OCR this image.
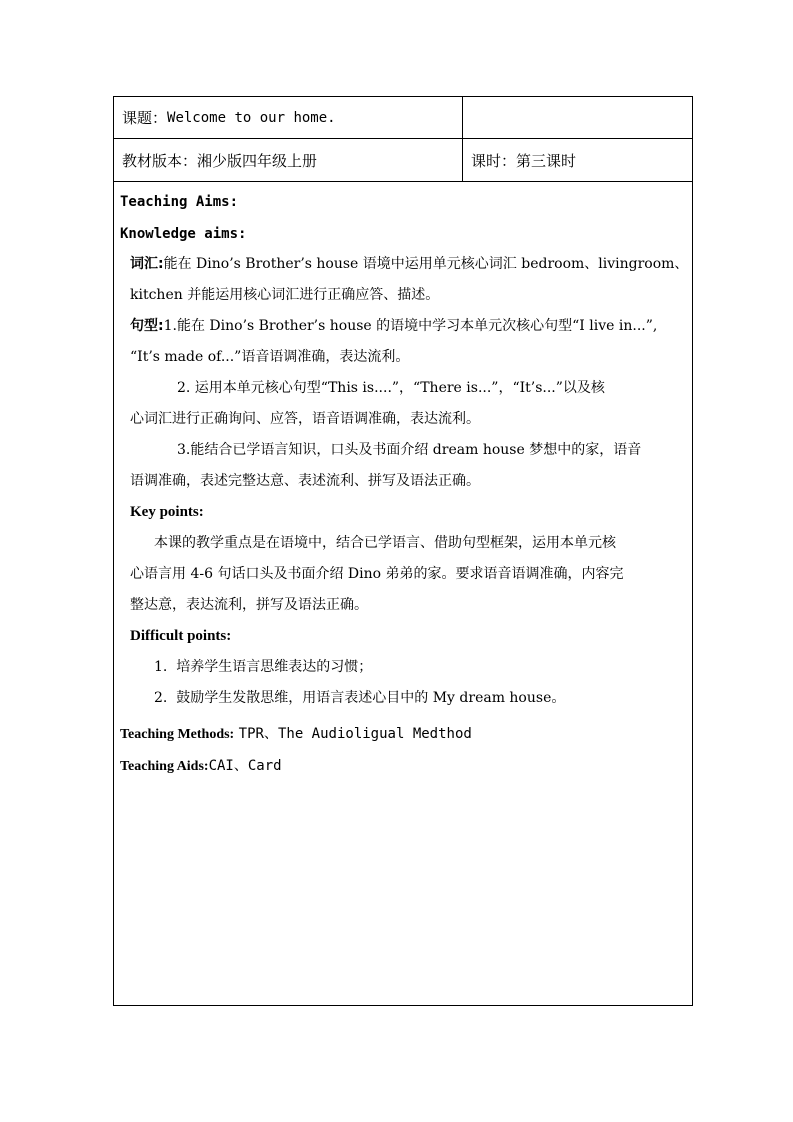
课题： Welcome to our home.
教材版本：湘少版四年级上册	课时：第三课时
Teaching Aims:
Knowledge aims:
词汇:能在 Dino’s Brother’s house 语境中运用单元核心词汇 bedroom、livingroom、
kitchen 并能运用核心词汇进行正确应答、描述。
句型:1.能在 Dino’s Brother’s house 的语境中学习本单元次核心句型“I live in...”,
“It’s made of...”语音语调准确，表达流利。
2. 运用本单元核心句型“This is....”，“There is...”，“It’s...”以及核
心词汇进行正确询问、应答，语音语调准确，表达流利。
3.能结合已学语言知识，口头及书面介绍 dream house 梦想中的家，语音
语调准确，表述完整达意、表述流利、拼写及语法正确。
Key points:
本课的教学重点是在语境中，结合已学语言、借助句型框架，运用本单元核
心语言用 4-6 句话口头及书面介绍 Dino 弟弟的家。要求语音语调准确，内容完
整达意，表达流利，拼写及语法正确。
Difficult points:
1. 培养学生语言思维表达的习惯；
2. 鼓励学生发散思维，用语言表述心目中的 My dream house。
Teaching Methods: TPR、The Audioligual Medthod
Teaching Aids:CAI、Card
